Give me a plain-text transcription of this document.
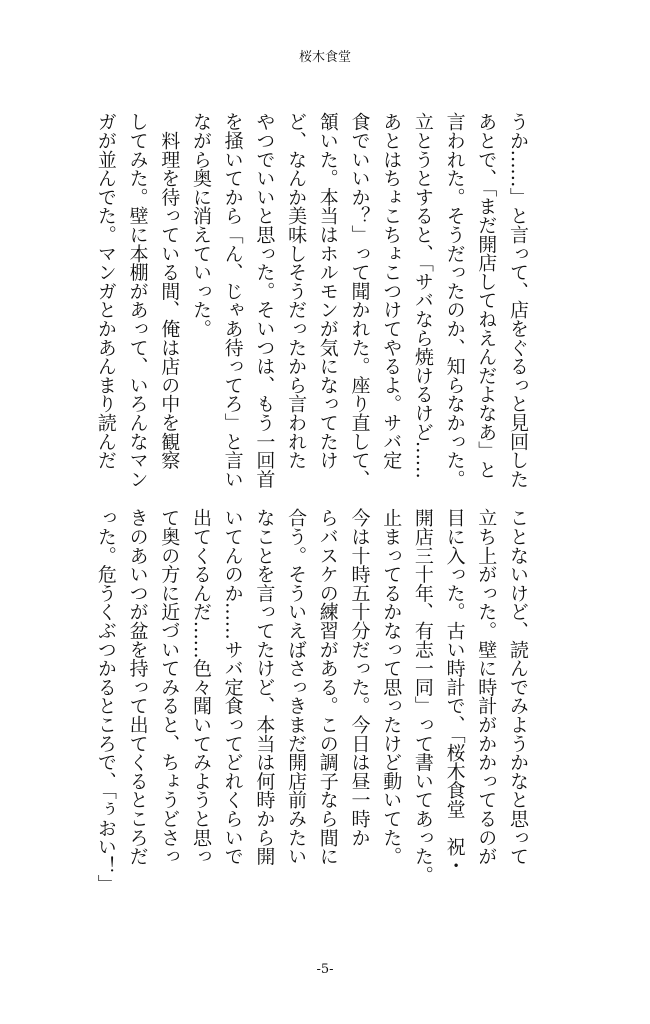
桜木食堂
うか……」と言って、店をぐるっと見回した
あとで、「まだ開店してねえんだよなあ」と
言われた。そうだったのか、知らなかった。
立とうとすると、「サバなら焼けるけど……
あとはちょこちょこつけてやるよ。サバ定
食でいいか？」って聞かれた。座り直して、
頷いた。本当はホルモンが気になってたけ
ど、なんか美味しそうだったから言われた
やつでいいと思った。そいつは、もう一回首
を掻いてから「ん、じゃあ待ってろ」と言い
ながら奥に消えていった。
　料理を待っている間、俺は店の中を観察
してみた。壁に本棚があって、いろんなマン
ガが並んでた。マンガとかあんまり読んだ
ことないけど、読んでみようかなと思って
立ち上がった。壁に時計がかかってるのが
目に入った。古い時計で、「桜木食堂　祝・
開店三十年、有志一同」って書いてあった。
止まってるかなって思ったけど動いてた。
今は十時五十分だった。今日は昼一時か
らバスケの練習がある。この調子なら間に
合う。そういえばさっきまだ開店前みたい
なことを言ってたけど、本当は何時から開
いてんのか……サバ定食ってどれくらいで
出てくるんだ……色々聞いてみようと思っ
て奥の方に近づいてみると、ちょうどさっ
きのあいつが盆を持って出てくるところだ
った。危うくぶつかるところで、「ぅおい！」
-5-
